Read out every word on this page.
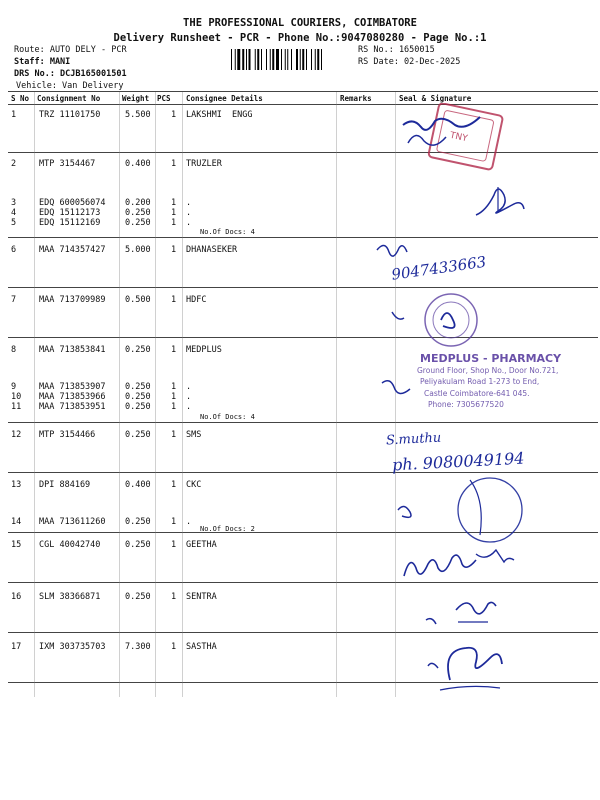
THE PROFESSIONAL COURIERS, COIMBATORE
Delivery Runsheet - PCR - Phone No.:9047080280 - Page No.:1
Route: AUTO DELY - PCR
Staff: MANI
DRS No.: DCJB165001501
Vehicle: Van Delivery
RS No.: 1650015
RS Date: 02-Dec-2025
S No Consignment No	Weight PCS Consignee Details	Remarks	Seal & Signature
1	TRZ 11101750	5.500 1 LAKSHMI  ENGG
2	MTP 3154467	0.400 1 TRUZLER
3	EDQ 600056074 0.200 1 .
4	EDQ 15112173	0.250 1 .
5	EDQ 15112169	0.250 1 .
6	MAA 714357427 5.000 1 DHANASEKER
7	MAA 713709989 0.500 1 HDFC
8	MAA 713853841 0.250 1 MEDPLUS
9	MAA 713853907 0.250 1 .
10 MAA 713853966 0.250 1 .
11 MAA 713853951 0.250 1 .
12 MTP 3154466	0.250 1 SMS
13 DPI 884169	0.400 1 CKC
14 MAA 713611260 0.250 1 .
15 CGL 40042740	0.250 1 GEETHA
16 SLM 38366871	0.250 1 SENTRA
17 IXM 303735703 7.300 1 SASTHA
No.Of Docs: 4
No.Of Docs: 4
No.Of Docs: 2
TNY
9047433663
MEDPLUS - PHARMACY
Ground Floor, Shop No., Door No.721,
Peliyakulam Road 1-273 to End,
Castle Coimbatore-641 045.
Phone: 7305677520
S.muthu
ph. 9080049194
